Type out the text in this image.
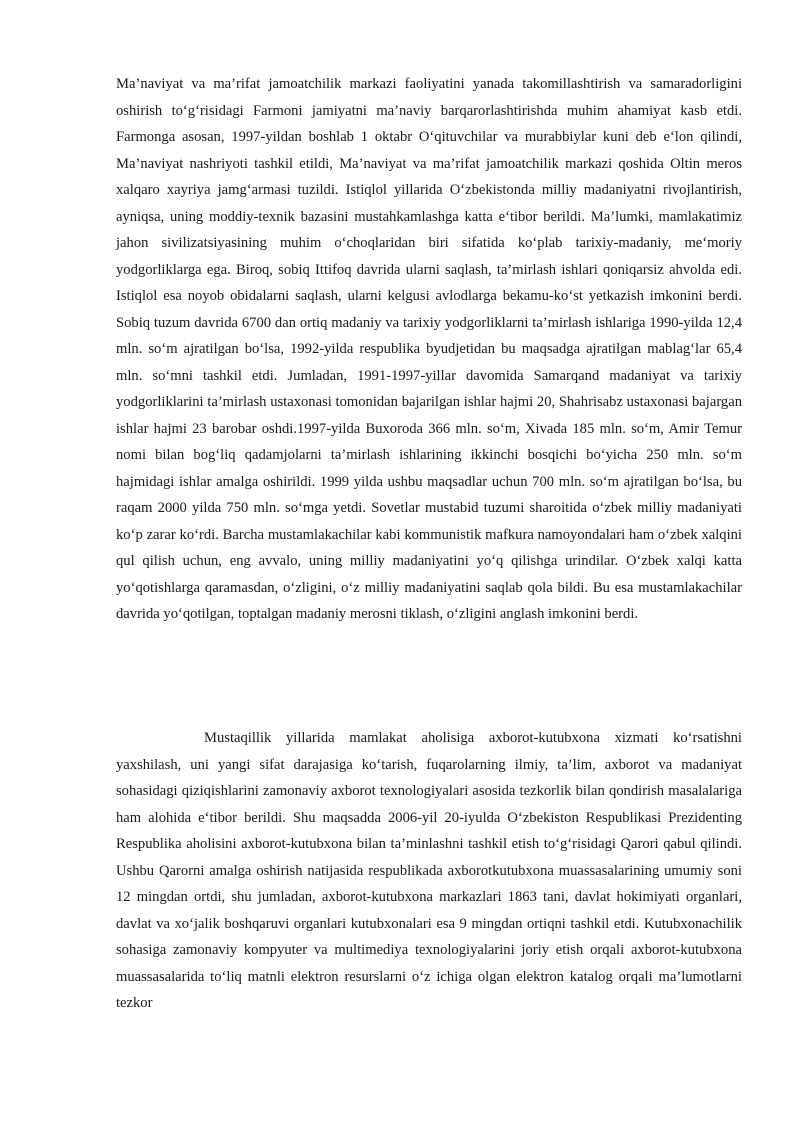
Ma’naviyat va ma’rifat jamoatchilik markazi faoliyatini yanada takomillashtirish va samaradorligini oshirish to‘g‘risidagi Farmoni jamiyatni ma’naviy barqarorlashtirishda muhim ahamiyat kasb etdi. Farmonga asosan, 1997-yildan boshlab 1 oktabr O‘qituvchilar va murabbiylar kuni deb e‘lon qilindi, Ma’naviyat nashriyoti tashkil etildi, Ma’naviyat va ma’rifat jamoatchilik markazi qoshida Oltin meros xalqaro xayriya jamg‘armasi tuzildi. Istiqlol yillarida O‘zbekistonda milliy madaniyatni rivojlantirish, ayniqsa, uning moddiy-texnik bazasini mustahkamlashga katta e‘tibor berildi. Ma’lumki, mamlakatimiz jahon sivilizatsiyasining muhim o‘choqlaridan biri sifatida ko‘plab tarixiy-madaniy, me‘moriy yodgorliklarga ega. Biroq, sobiq Ittifoq davrida ularni saqlash, ta’mirlash ishlari qoniqarsiz ahvolda edi. Istiqlol esa noyob obidalarni saqlash, ularni kelgusi avlodlarga bekamu-ko‘st yetkazish imkonini berdi. Sobiq tuzum davrida 6700 dan ortiq madaniy va tarixiy yodgorliklarni ta’mirlash ishlariga 1990-yilda 12,4 mln. so‘m ajratilgan bo‘lsa, 1992-yilda respublika byudjetidan bu maqsadga ajratilgan mablag‘lar 65,4 mln. so‘mni tashkil etdi. Jumladan, 1991-1997-yillar davomida Samarqand madaniyat va tarixiy yodgorliklarini ta’mirlash ustaxonasi tomonidan bajarilgan ishlar hajmi 20, Shahrisabz ustaxonasi bajargan ishlar hajmi 23 barobar oshdi.1997-yilda Buxoroda 366 mln. so‘m, Xivada 185 mln. so‘m, Amir Temur nomi bilan bog‘liq qadamjolarni ta’mirlash ishlarining ikkinchi bosqichi bo‘yicha 250 mln. so‘m hajmidagi ishlar amalga oshirildi. 1999 yilda ushbu maqsadlar uchun 700 mln. so‘m ajratilgan bo‘lsa, bu raqam 2000 yilda 750 mln. so‘mga yetdi. Sovetlar mustabid tuzumi sharoitida o‘zbek milliy madaniyati ko‘p zarar ko‘rdi. Barcha mustamlakachilar kabi kommunistik mafkura namoyondalari ham o‘zbek xalqini qul qilish uchun, eng avvalo, uning milliy madaniyatini yo‘q qilishga urindilar. O‘zbek xalqi katta yo‘qotishlarga qaramasdan, o‘zligini, o‘z milliy madaniyatini saqlab qola bildi. Bu esa mustamlakachilar davrida yo‘qotilgan, toptalgan madaniy merosni tiklash, o‘zligini anglash imkonini berdi.

Mustaqillik yillarida mamlakat aholisiga axborot-kutubxona xizmati ko‘rsatishni yaxshilash, uni yangi sifat darajasiga ko‘tarish, fuqarolarning ilmiy, ta’lim, axborot va madaniyat sohasidagi qiziqishlarini zamonaviy axborot texnologiyalari asosida tezkorlik bilan qondirish masalalariga ham alohida e‘tibor berildi. Shu maqsadda 2006-yil 20-iyulda O‘zbekiston Respublikasi Prezidenting Respublika aholisini axborot-kutubxona bilan ta’minlashni tashkil etish to‘g‘risidagi Qarori qabul qilindi. Ushbu Qarorni amalga oshirish natijasida respublikada axborotkutubxona muassasalarining umumiy soni 12 mingdan ortdi, shu jumladan, axborot-kutubxona markazlari 1863 tani, davlat hokimiyati organlari, davlat va xo‘jalik boshqaruvi organlari kutubxonalari esa 9 mingdan ortiqni tashkil etdi. Kutubxonachilik sohasiga zamonaviy kompyuter va multimediya texnologiyalarini joriy etish orqali axborot-kutubxona muassasalarida to‘liq matnli elektron resurslarni o‘z ichiga olgan elektron katalog orqali ma’lumotlarni tezkor
